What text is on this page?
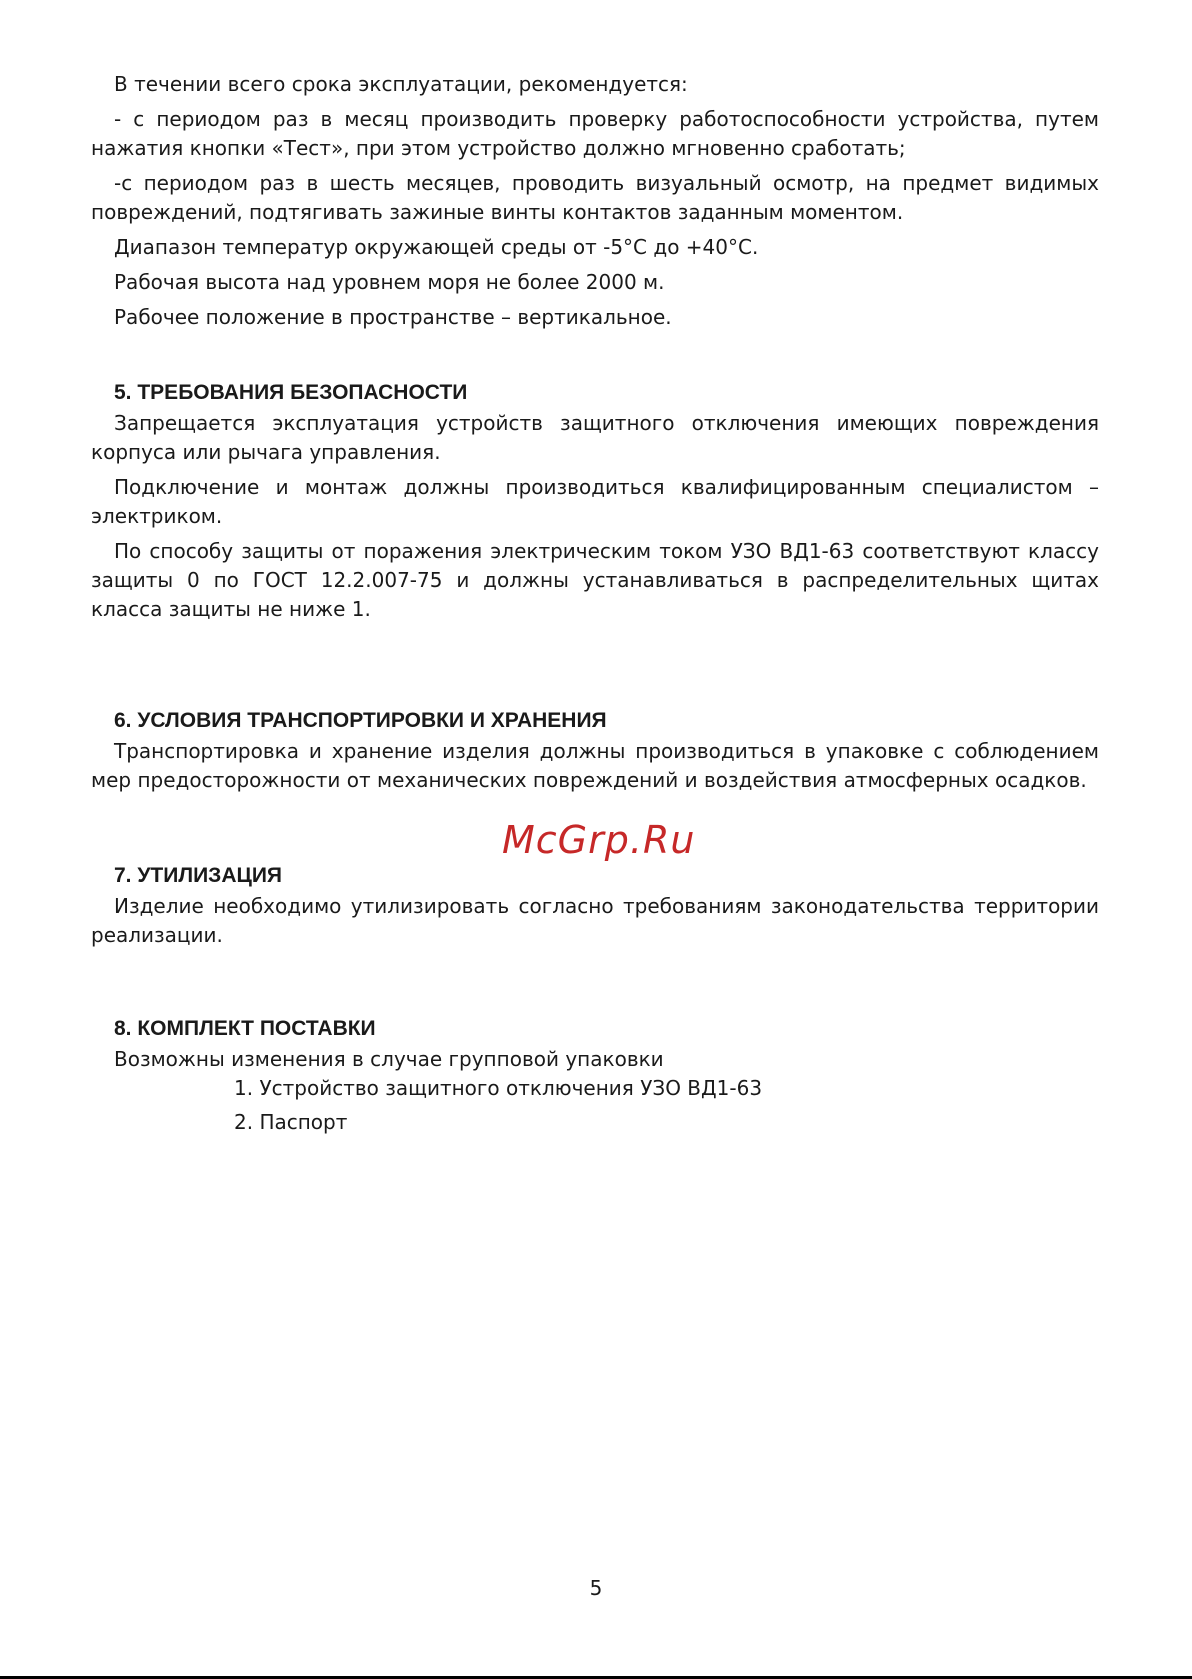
В течении всего срока эксплуатации, рекомендуется:

- с периодом раз в месяц производить проверку работоспособности устройства, путем нажатия кнопки «Тест», при этом устройство должно мгновенно сработать;

-с периодом раз в шесть месяцев, проводить визуальный осмотр, на предмет видимых повреждений, подтягивать зажиные винты контактов заданным моментом.

Диапазон температур окружающей среды от -5°С до +40°С.

Рабочая высота над уровнем моря не более 2000 м.

Рабочее положение в пространстве – вертикальное.

5. ТРЕБОВАНИЯ БЕЗОПАСНОСТИ

Запрещается эксплуатация устройств защитного отключения имеющих повреждения корпуса или рычага управления.

Подключение и монтаж должны производиться квалифицированным специалистом – электриком.

По способу защиты от поражения электрическим током УЗО ВД1-63 соответствуют классу защиты 0 по ГОСТ 12.2.007-75 и должны устанавливаться в распределительных щитах класса защиты не ниже 1.

6. УСЛОВИЯ ТРАНСПОРТИРОВКИ И ХРАНЕНИЯ

Транспортировка и хранение изделия должны производиться в упаковке с соблюдением мер предосторожности от механических повреждений и воздействия атмосферных осадков.

7. УТИЛИЗАЦИЯ

Изделие необходимо утилизировать согласно требованиям законодательства территории реализации.

8. КОМПЛЕКТ ПОСТАВКИ
Возможны изменения в случае групповой упаковки
1. Устройство защитного отключения УЗО ВД1-63
2. Паспорт
McGrp.Ru
5
